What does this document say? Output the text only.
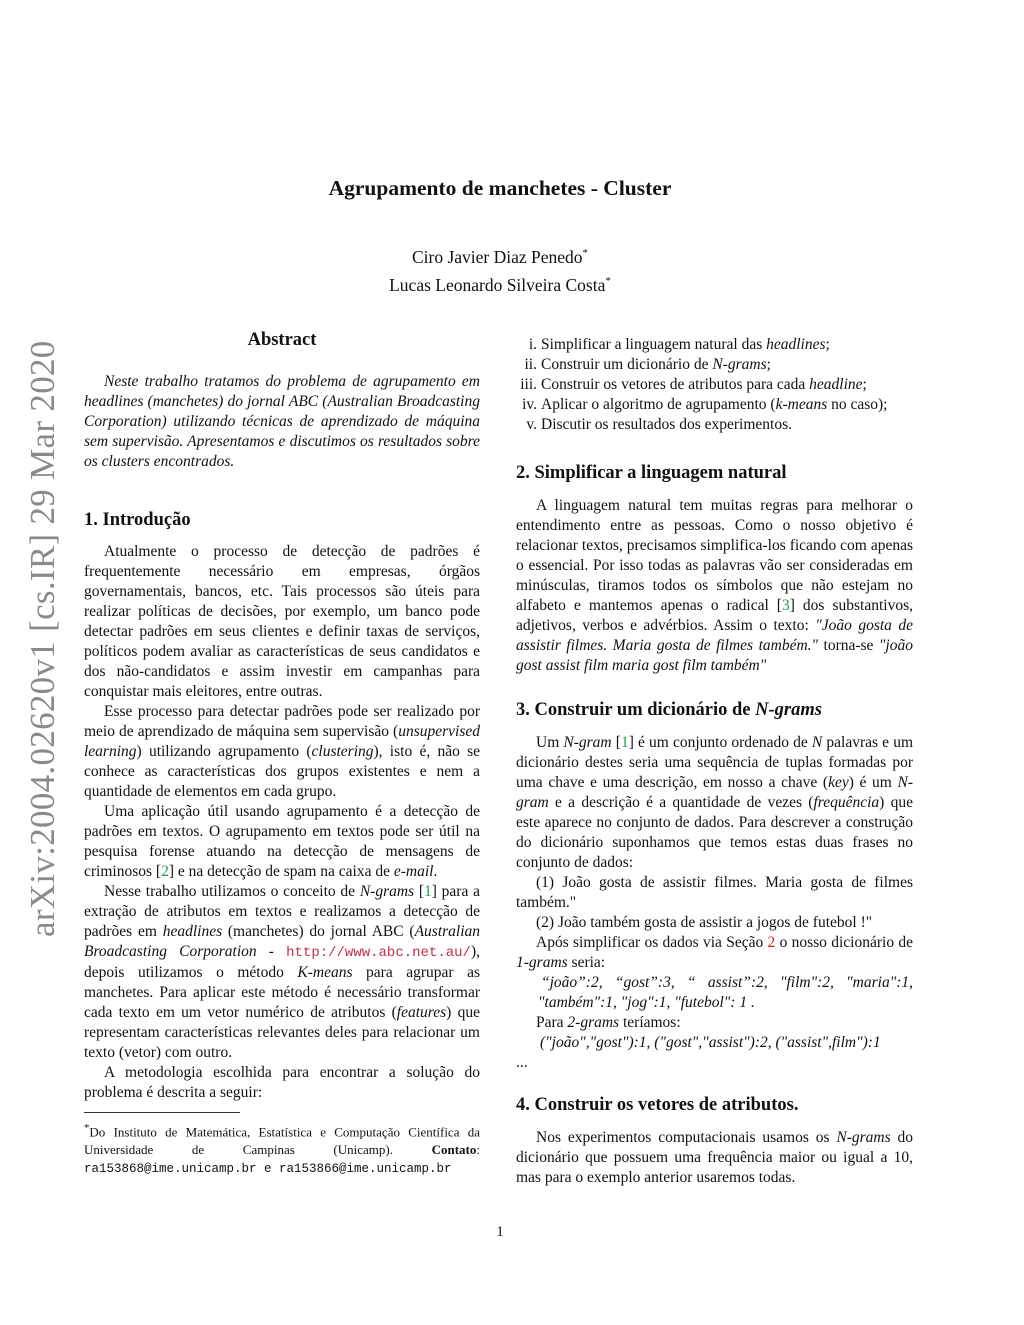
arXiv:2004.02620v1 [cs.IR] 29 Mar 2020
Agrupamento de manchetes - Cluster
Ciro Javier Diaz Penedo*
Lucas Leonardo Silveira Costa*
Abstract

Neste trabalho tratamos do problema de agrupamento em headlines (manchetes) do jornal ABC (Australian Broadcasting Corporation) utilizando técnicas de aprendizado de máquina sem supervisão. Apresentamos e discutimos os resultados sobre os clusters encontrados.

1. Introdução

Atualmente o processo de detecção de padrões é frequentemente necessário em empresas, órgãos governamentais, bancos, etc. Tais processos são úteis para realizar políticas de decisões, por exemplo, um banco pode detectar padrões em seus clientes e definir taxas de serviços, políticos podem avaliar as características de seus candidatos e dos não-candidatos e assim investir em campanhas para conquistar mais eleitores, entre outras.

Esse processo para detectar padrões pode ser realizado por meio de aprendizado de máquina sem supervisão (unsupervised learning) utilizando agrupamento (clustering), isto é, não se conhece as características dos grupos existentes e nem a quantidade de elementos em cada grupo.

Uma aplicação útil usando agrupamento é a detecção de padrões em textos. O agrupamento em textos pode ser útil na pesquisa forense atuando na detecção de mensagens de criminosos [2] e na detecção de spam na caixa de e-mail.

Nesse trabalho utilizamos o conceito de N-grams [1] para a extração de atributos em textos e realizamos a detecção de padrões em headlines (manchetes) do jornal ABC (Australian Broadcasting Corporation - http://www.abc.net.au/), depois utilizamos o método K-means para agrupar as manchetes. Para aplicar este método é necessário transformar cada texto em um vetor numérico de atributos (features) que representam características relevantes deles para relacionar um texto (vetor) com outro.

A metodologia escolhida para encontrar a solução do problema é descrita a seguir:

*Do Instituto de Matemática, Estatística e Computação Científica da Universidade de Campinas (Unicamp). Contato: ra153868@ime.unicamp.br e ra153866@ime.unicamp.br
i. Simplificar a linguagem natural das headlines;
ii. Construir um dicionário de N-grams;
iii. Construir os vetores de atributos para cada headline;
iv. Aplicar o algoritmo de agrupamento (k-means no caso);
v. Discutir os resultados dos experimentos.
2. Simplificar a linguagem natural

A linguagem natural tem muitas regras para melhorar o entendimento entre as pessoas. Como o nosso objetivo é relacionar textos, precisamos simplifica-los ficando com apenas o essencial. Por isso todas as palavras vão ser consideradas em minúsculas, tiramos todos os símbolos que não estejam no alfabeto e mantemos apenas o radical [3] dos substantivos, adjetivos, verbos e advérbios. Assim o texto: "João gosta de assistir filmes. Maria gosta de filmes também." torna-se "joão gost assist film maria gost film também"

3. Construir um dicionário de N-grams

Um N-gram [1] é um conjunto ordenado de N palavras e um dicionário destes seria uma sequência de tuplas formadas por uma chave e uma descrição, em nosso a chave (key) é um N-gram e a descrição é a quantidade de vezes (frequência) que este aparece no conjunto de dados. Para descrever a construção do dicionário suponhamos que temos estas duas frases no conjunto de dados:

(1) João gosta de assistir filmes. Maria gosta de filmes também."

(2) João também gosta de assistir a jogos de futebol !"

Após simplificar os dados via Seção 2 o nosso dicionário de 1-grams seria:

“joão”:2, “gost”:3, “ assist”:2, "film":2, "maria":1, "também":1, "jog":1, "futebol": 1 .

Para 2-grams teríamos:

("joão","gost"):1, ("gost","assist"):2, ("assist",film"):1

...

4. Construir os vetores de atributos.

Nos experimentos computacionais usamos os N-grams do dicionário que possuem uma frequência maior ou igual a 10, mas para o exemplo anterior usaremos todas.

1
